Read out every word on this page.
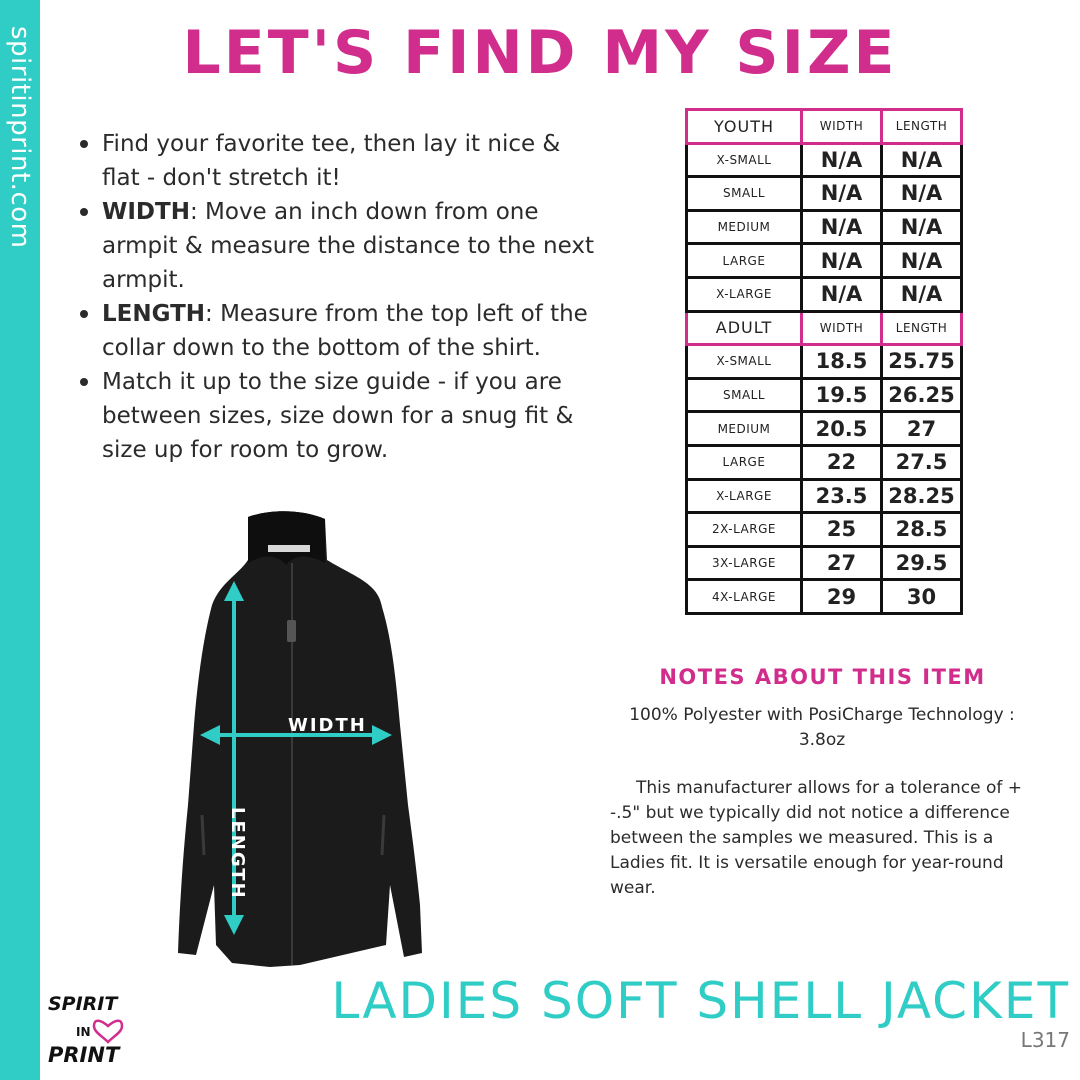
spiritinprint.com	LET'S FIND MY SIZE
Find your favorite tee, then lay it nice & flat - don't stretch it!
WIDTH: Move an inch down from one armpit & measure the distance to the next armpit.
LENGTH: Measure from the top left of the collar down to the bottom of the shirt.
Match it up to the size guide - if you are between sizes, size down for a snug fit & size up for room to grow.
YOUTH	WIDTH	LENGTH
X-SMALL	N/A	N/A
SMALL	N/A	N/A
MEDIUM	N/A	N/A
LARGE	N/A	N/A
X-LARGE	N/A	N/A
ADULT	WIDTH	LENGTH
X-SMALL	18.5	25.75
SMALL	19.5	26.25
MEDIUM	20.5	27
LARGE	22	27.5
X-LARGE	23.5	28.25
2X-LARGE	25	28.5
3X-LARGE	27	29.5
4X-LARGE	29	30
WIDTH
LENGTH
NOTES ABOUT THIS ITEM
100% Polyester with PosiCharge Technology : 3.8oz
This manufacturer allows for a tolerance of + -.5" but we typically did not notice a difference between the samples we measured. This is a Ladies fit. It is versatile enough for year-round wear.
LADIES SOFT SHELL JACKET
L317
SPIRIT
IN
PRINT
